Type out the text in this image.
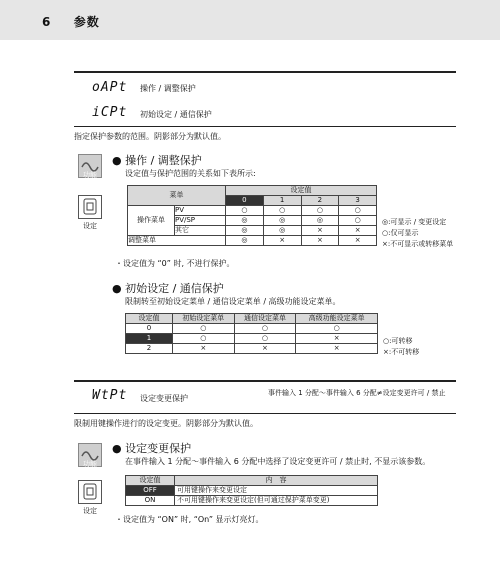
6 参数
oAPt 操作 / 调整保护
iCPt 初始设定 / 通信保护
指定保护参数的范围。阴影部分为默认值。
功能
设定
● 操作 / 调整保护
设定值与保护范围的关系如下表所示:
菜单		设定值			
		0	1	2	3
操作菜单	PV	○	○	○	○
	PV/SP	◎	◎	◎	○
	其它	◎	◎	×	×
调整菜单		◎	×	×	×
◎:可显示 / 变更设定
○:仅可显示
×:不可显示或转移菜单
・设定值为 “0” 时, 不进行保护。
● 初始设定 / 通信保护
限制转至初始设定菜单 / 通信设定菜单 / 高级功能设定菜单。
设定值	初始设定菜单	通信设定菜单	高级功能设定菜单
0	○	○	○
1	○	○	×
2	×	×	×
○:可转移
×:不可转移
WtPt 设定变更保护
事件输入 1 分配～事件输入 6 分配≠设定变更许可 / 禁止
限制用键操作进行的设定变更。阴影部分为默认值。
功能
设定
● 设定变更保护
在事件输入 1 分配～事件输入 6 分配中选择了设定变更许可 / 禁止时, 不显示该参数。
设定值	内　容
OFF	可用键操作来变更设定
ON	不可用键操作来变更设定(但可通过保护菜单变更)
・设定值为 “ON” 时, “On” 显示灯亮灯。
